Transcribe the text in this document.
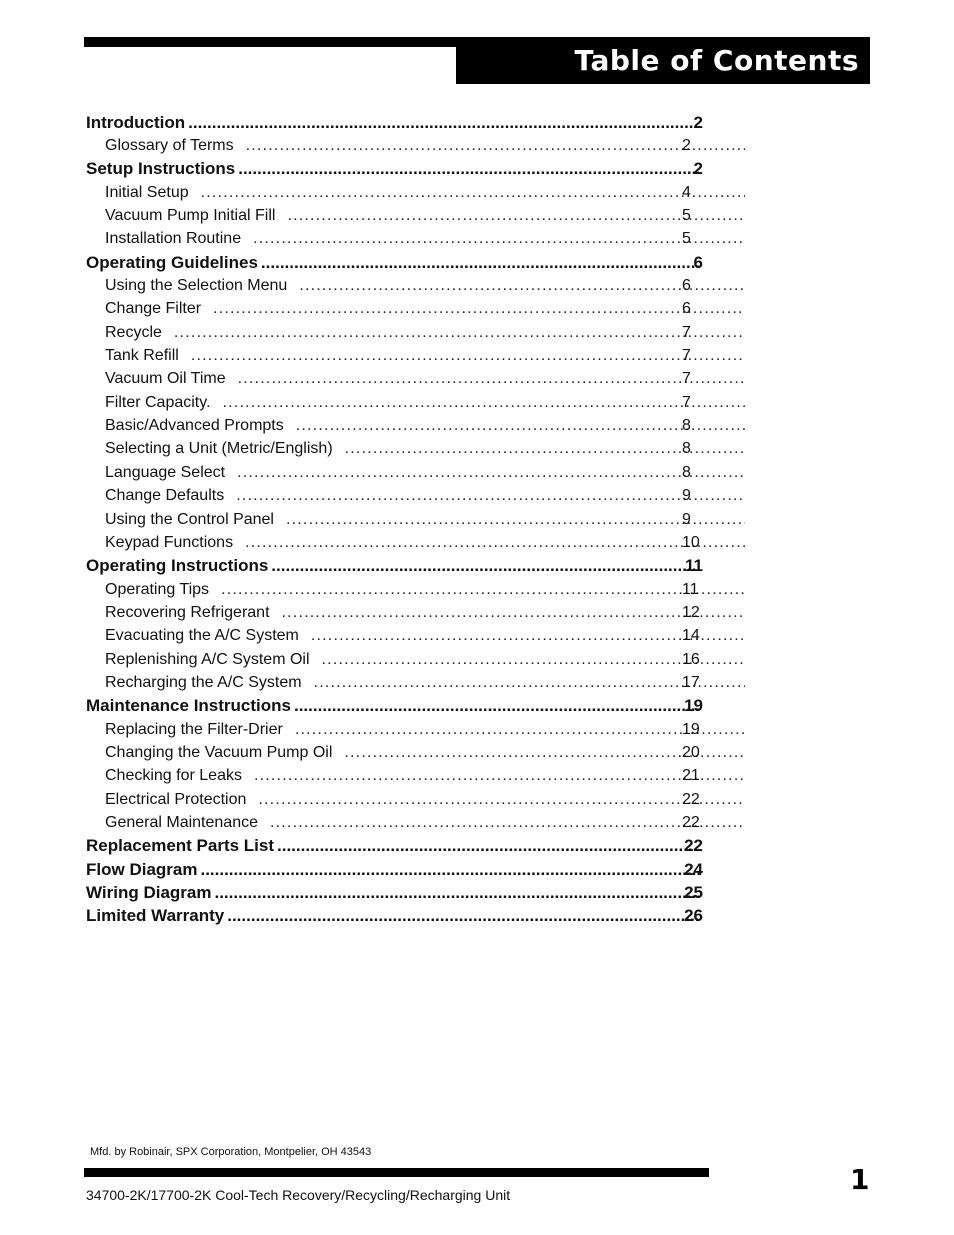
Table of Contents
Introduction .....	2
Glossary of Terms .....	2
Setup Instructions .....	2
Initial Setup .....	4
Vacuum Pump Initial Fill .....	5
Installation Routine .....	5
Operating Guidelines .....	6
Using the Selection Menu .....	6
Change Filter .....	6
Recycle .....	7
Tank Refill .....	7
Vacuum Oil Time .....	7
Filter Capacity. .....	7
Basic/Advanced Prompts .....	8
Selecting a Unit (Metric/English) .....	8
Language Select .....	8
Change Defaults .....	9
Using the Control Panel .....	9
Keypad Functions .....	10
Operating Instructions .....	11
Operating Tips .....	11
Recovering Refrigerant .....	12
Evacuating the A/C System .....	14
Replenishing A/C System Oil .....	16
Recharging the A/C System .....	17
Maintenance Instructions .....	19
Replacing the Filter-Drier .....	19
Changing the Vacuum Pump Oil .....	20
Checking for Leaks .....	21
Electrical Protection .....	22
General Maintenance .....	22
Replacement Parts List .....	22
Flow Diagram .....	24
Wiring Diagram .....	25
Limited Warranty .....	26
Mfd. by Robinair, SPX Corporation, Montpelier, OH 43543
34700-2K/17700-2K Cool-Tech Recovery/Recycling/Recharging Unit	1
